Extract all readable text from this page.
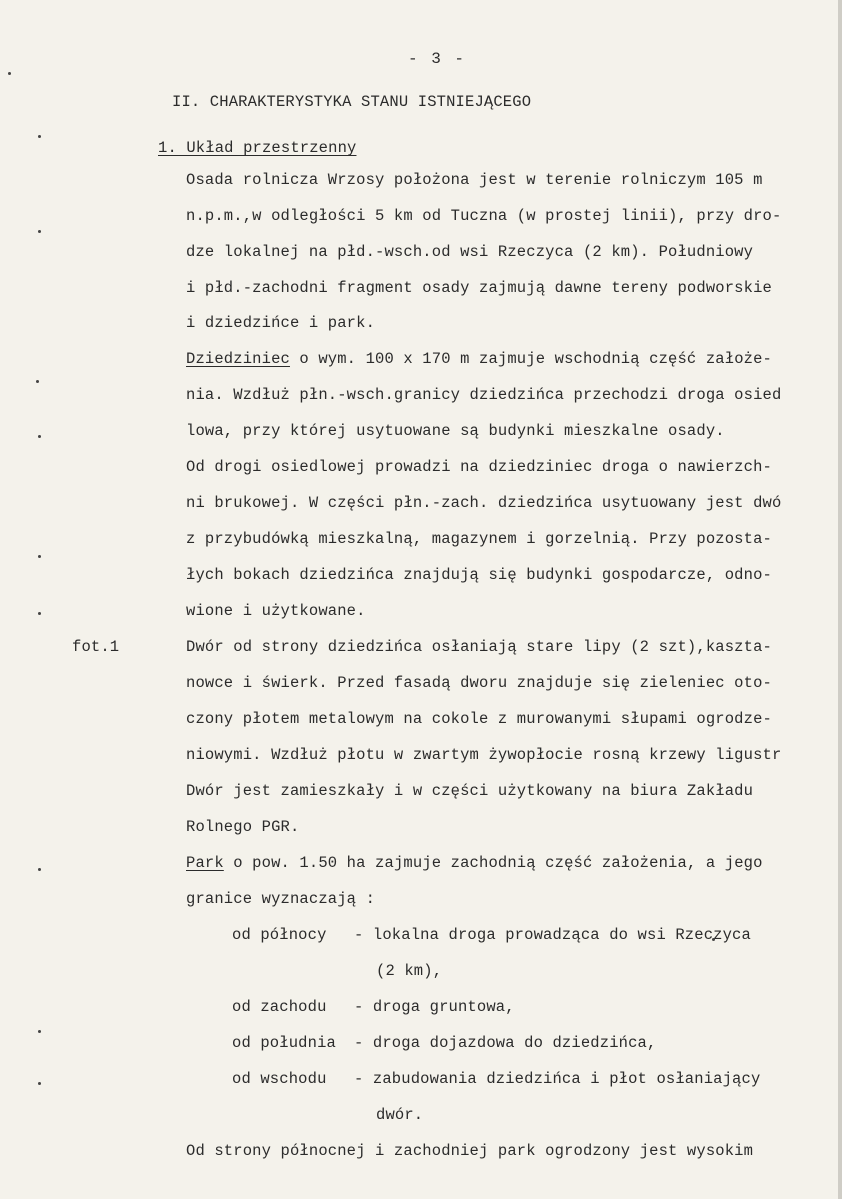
- 3 -
II. CHARAKTERYSTYKA STANU ISTNIEJĄCEGO
1. Układ przestrzenny
Osada rolnicza Wrzosy położona jest w terenie rolniczym 105 m
n.p.m.,w odległości 5 km od Tuczna (w prostej linii), przy dro-
dze lokalnej na płd.-wsch.od wsi Rzeczyca (2 km). Południowy
i płd.-zachodni fragment osady zajmują dawne tereny podworskie
i dziedzińce i park.
Dziedziniec o wym. 100 x 170 m zajmuje wschodnią część założe-
nia. Wzdłuż płn.-wsch.granicy dziedzińca przechodzi droga osied
lowa, przy której usytuowane są budynki mieszkalne osady.
Od drogi osiedlowej prowadzi na dziedziniec droga o nawierzch-
ni brukowej. W części płn.-zach. dziedzińca usytuowany jest dwó
z przybudówką mieszkalną, magazynem i gorzelnią. Przy pozosta-
łych bokach dziedzińca znajdują się budynki gospodarcze, odno-
wione i użytkowane.
fot.1	Dwór od strony dziedzińca osłaniają stare lipy (2 szt),kaszta-
nowce i świerk. Przed fasadą dworu znajduje się zieleniec oto-
czony płotem metalowym na cokole z murowanymi słupami ogrodze-
niowymi. Wzdłuż płotu w zwartym żywopłocie rosną krzewy ligustr
Dwór jest zamieszkały i w części użytkowany na biura Zakładu
Rolnego PGR.
Park o pow. 1.50 ha zajmuje zachodnią część założenia, a jego
granice wyznaczają :
od północy - lokalna droga prowadząca do wsi Rzeczyca
(2 km),
od zachodu - droga gruntowa,
od południa - droga dojazdowa do dziedzińca,
od wschodu - zabudowania dziedzińca i płot osłaniający
dwór.
Od strony północnej i zachodniej park ogrodzony jest wysokim
